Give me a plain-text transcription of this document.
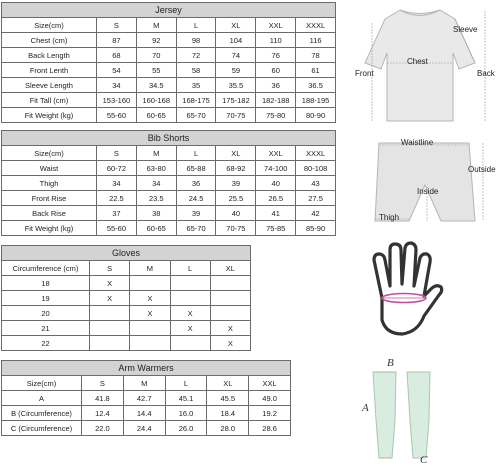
Jersey						
Size(cm)	S	M	L	XL	XXL	XXXL
Chest (cm)	87	92	98	104	110	116
Back Length	68	70	72	74	76	78
Front Lenth	54	55	58	59	60	61
Sleeve Length	34	34.5	35	35.5	36	36.5
Fit Tall (cm)	153-160	160-168	168-175	175-182	182-188	188-195
Fit Weight (kg)	55-60	60-65	65-70	70-75	75-80	80-90
Bib Shorts						
Size(cm)	S	M	L	XL	XXL	XXXL
Waist	60-72	63-80	65-88	68-92	74-100	80-108
Thigh	34	34	36	39	40	43
Front Rise	22.5	23.5	24.5	25.5	26.5	27.5
Back Rise	37	38	39	40	41	42
Fit Weight (kg)	55-60	60-65	65-70	70-75	75-85	85-90
Gloves				
Circumference (cm)	S	M	L	XL
18	X			
19	X	X		
20		X	X	
21			X	X
22				X
Arm Warmers					
Size(cm)	S	M	L	XL	XXL
A	41.8	42.7	45.1	45.5	49.0
B (Circumference)	12.4	14.4	16.0	18.4	19.2
C (Circumference)	22.0	24.4	26.0	28.0	28.6
Front
Chest
Sleeve
Back
Waistline
Outside
Inside
Thigh
B
A
C
